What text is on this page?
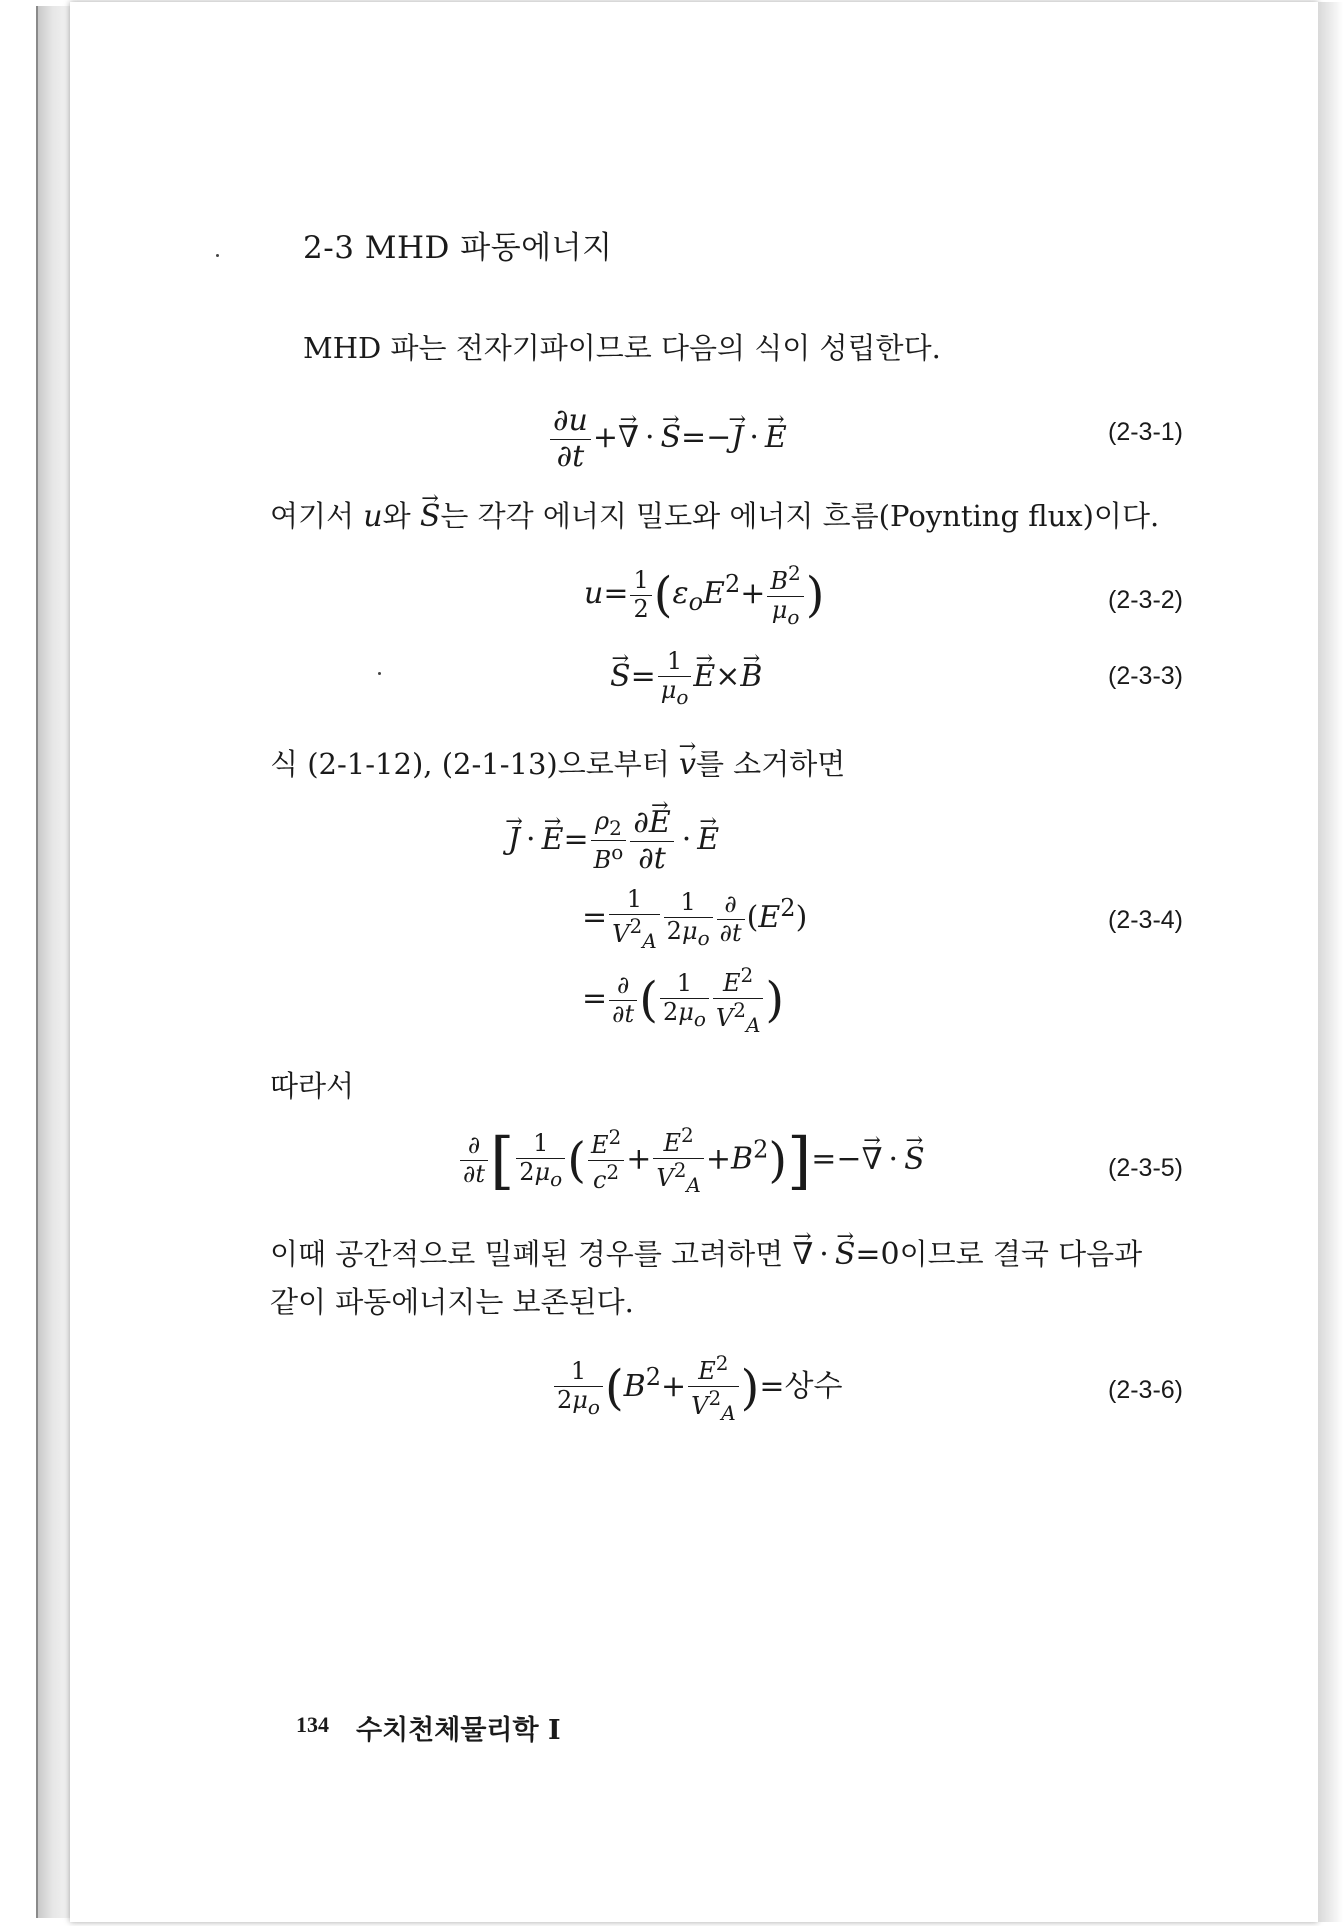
2-3 MHD 파동에너지
MHD 파는 전자기파이므로 다음의 식이 성립한다.
$\frac{\partial u}{\partial t}$ +→ ∇ ·→ S=−→ J ·→ E	(2-3-1)
여기서 u와 → S는 각각 에너지 밀도와 에너지 흐름(Poynting flux)이다.
$u= \frac{1}{2} (\varepsilon_oE^2+ \frac{B^2}{\mu_o}$ )	(2-3-2)
→ $S= \frac{1}{\mu_o}$
→ E×→ B	(2-3-3)
식 (2-1-12), (2-1-13)으로부터 → v를 소거하면
→ $J \cdot\to E= \frac{\rho_2}{B^o} \frac{\partial\to E}{\partial t} \cdot\to E$
= $\frac{1}{V^2_A} \frac{1}{2\mu_o} \frac{\partial}{\partial t} (E^2)$	(2-3-4)
= $\frac{\partial}{\partial t}$ ( $\frac{1}{2\mu_o} \frac{E^2}{V^2_A}$ )
따라서
$\frac{\partial}{\partial t}$ [ $\frac{1}{2\mu_o}$ ( $\frac{E^2}{c^2} + \frac{E^2}{V^2_A} +B^2)]=-\to$ ∇ ·→ S	(2-3-5)
이때 공간적으로 밀폐된 경우를 고려하면 → ∇ ·→ S=0이므로 결국 다음과
같이 파동에너지는 보존된다.
$\frac{1}{2\mu_o} (B^2+ \frac{E^2}{V^2_A}$ )=상수	(2-3-6)
134 수치천체물리학 I
